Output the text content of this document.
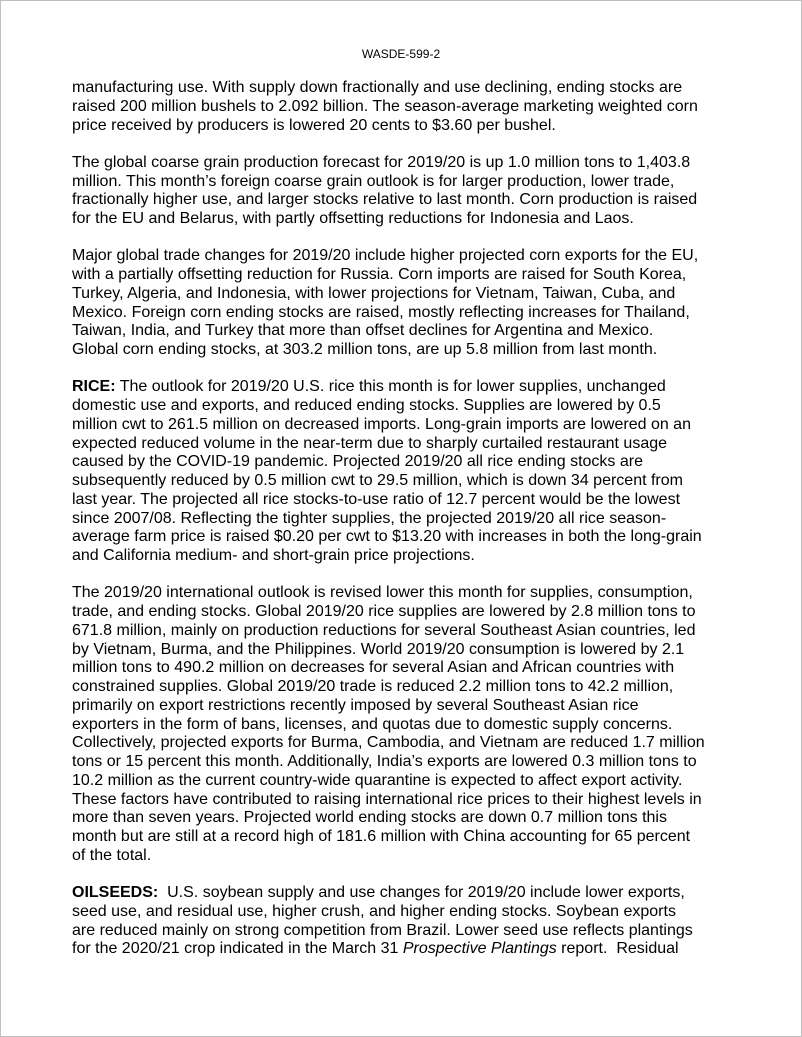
WASDE-599-2
manufacturing use. With supply down fractionally and use declining, ending stocks are
raised 200 million bushels to 2.092 billion. The season-average marketing weighted corn
price received by producers is lowered 20 cents to $3.60 per bushel.
The global coarse grain production forecast for 2019/20 is up 1.0 million tons to 1,403.8
million. This month’s foreign coarse grain outlook is for larger production, lower trade,
fractionally higher use, and larger stocks relative to last month. Corn production is raised
for the EU and Belarus, with partly offsetting reductions for Indonesia and Laos.
Major global trade changes for 2019/20 include higher projected corn exports for the EU,
with a partially offsetting reduction for Russia. Corn imports are raised for South Korea,
Turkey, Algeria, and Indonesia, with lower projections for Vietnam, Taiwan, Cuba, and
Mexico. Foreign corn ending stocks are raised, mostly reflecting increases for Thailand,
Taiwan, India, and Turkey that more than offset declines for Argentina and Mexico.
Global corn ending stocks, at 303.2 million tons, are up 5.8 million from last month.
RICE: The outlook for 2019/20 U.S. rice this month is for lower supplies, unchanged
domestic use and exports, and reduced ending stocks. Supplies are lowered by 0.5
million cwt to 261.5 million on decreased imports. Long-grain imports are lowered on an
expected reduced volume in the near-term due to sharply curtailed restaurant usage
caused by the COVID-19 pandemic. Projected 2019/20 all rice ending stocks are
subsequently reduced by 0.5 million cwt to 29.5 million, which is down 34 percent from
last year. The projected all rice stocks-to-use ratio of 12.7 percent would be the lowest
since 2007/08. Reflecting the tighter supplies, the projected 2019/20 all rice season-
average farm price is raised $0.20 per cwt to $13.20 with increases in both the long-grain
and California medium- and short-grain price projections.
The 2019/20 international outlook is revised lower this month for supplies, consumption,
trade, and ending stocks. Global 2019/20 rice supplies are lowered by 2.8 million tons to
671.8 million, mainly on production reductions for several Southeast Asian countries, led
by Vietnam, Burma, and the Philippines. World 2019/20 consumption is lowered by 2.1
million tons to 490.2 million on decreases for several Asian and African countries with
constrained supplies. Global 2019/20 trade is reduced 2.2 million tons to 42.2 million,
primarily on export restrictions recently imposed by several Southeast Asian rice
exporters in the form of bans, licenses, and quotas due to domestic supply concerns.
Collectively, projected exports for Burma, Cambodia, and Vietnam are reduced 1.7 million
tons or 15 percent this month. Additionally, India’s exports are lowered 0.3 million tons to
10.2 million as the current country-wide quarantine is expected to affect export activity.
These factors have contributed to raising international rice prices to their highest levels in
more than seven years. Projected world ending stocks are down 0.7 million tons this
month but are still at a record high of 181.6 million with China accounting for 65 percent
of the total.
OILSEEDS:  U.S. soybean supply and use changes for 2019/20 include lower exports,
seed use, and residual use, higher crush, and higher ending stocks. Soybean exports
are reduced mainly on strong competition from Brazil. Lower seed use reflects plantings
for the 2020/21 crop indicated in the March 31 Prospective Plantings report.  Residual
